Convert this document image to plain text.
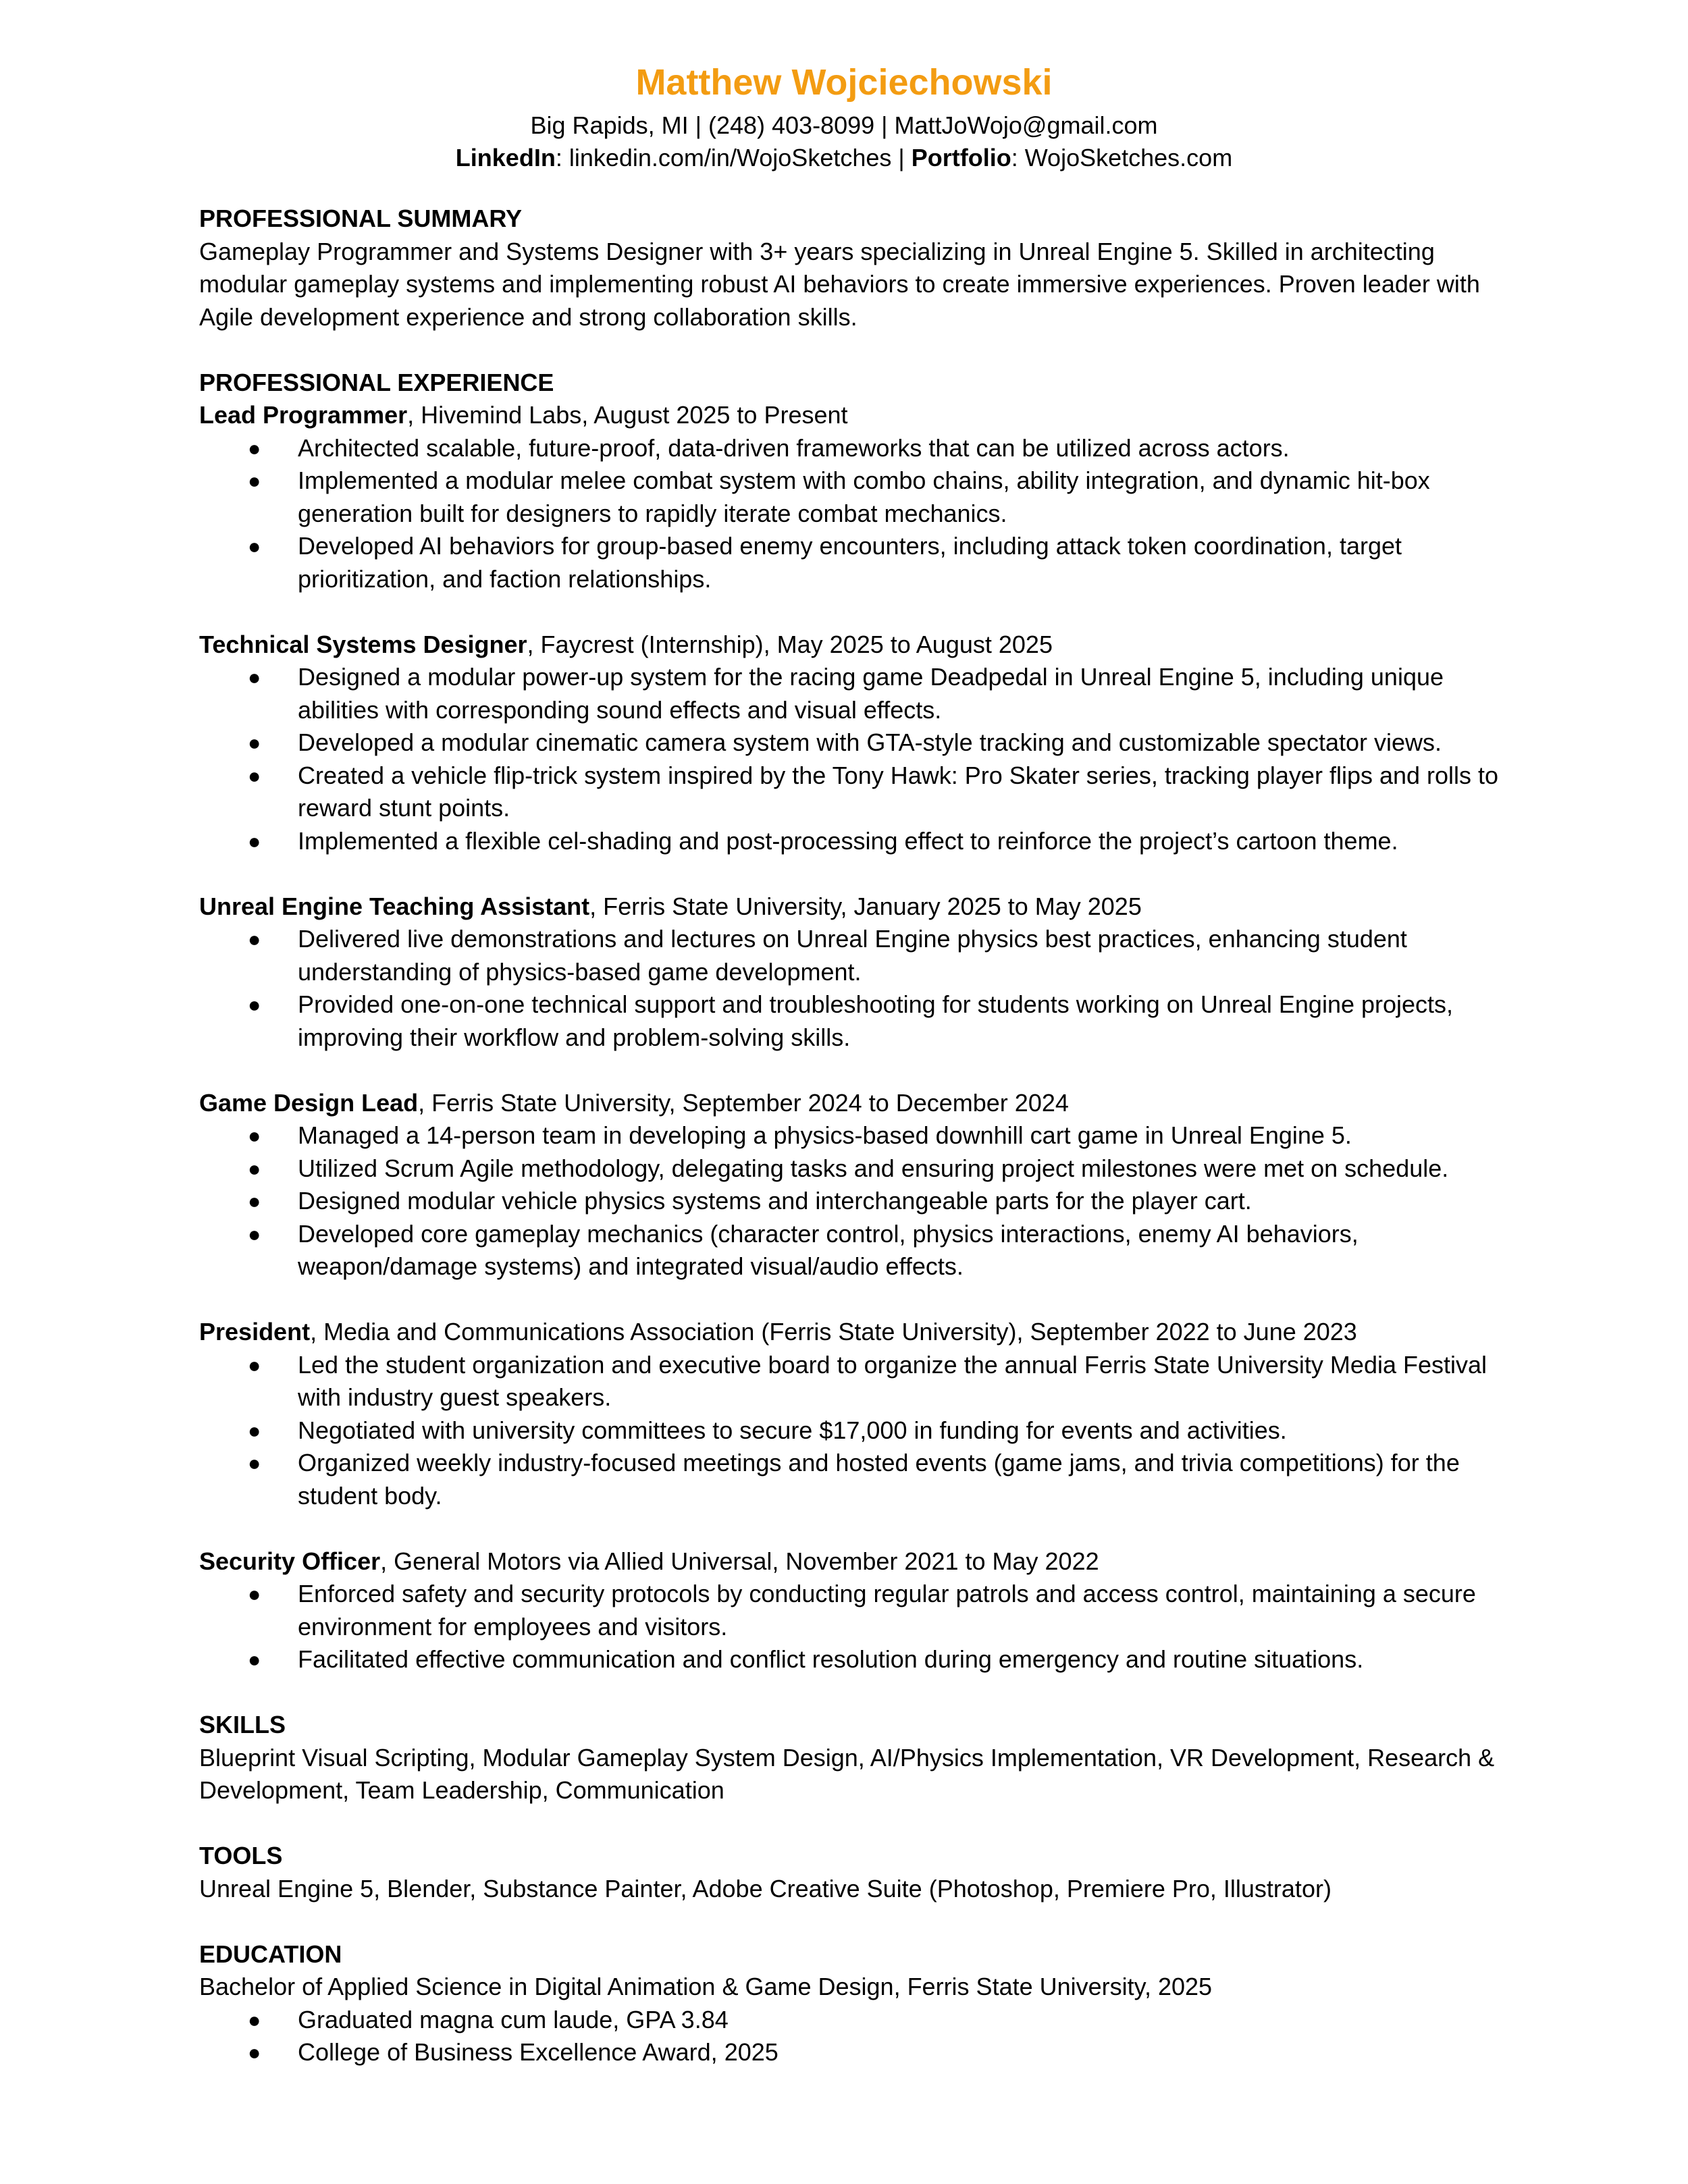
Matthew Wojciechowski

Big Rapids, MI | (248) 403-8099 | MattJoWojo@gmail.com

LinkedIn: linkedin.com/in/WojoSketches | Portfolio: WojoSketches.com

PROFESSIONAL SUMMARY

Gameplay Programmer and Systems Designer with 3+ years specializing in Unreal Engine 5. Skilled in architecting modular gameplay systems and implementing robust AI behaviors to create immersive experiences. Proven leader with Agile development experience and strong collaboration skills.

PROFESSIONAL EXPERIENCE

Lead Programmer, Hivemind Labs, August 2025 to Present

● Architected scalable, future-proof, data-driven frameworks that can be utilized across actors.
● Implemented a modular melee combat system with combo chains, ability integration, and dynamic hit-box generation built for designers to rapidly iterate combat mechanics.
● Developed AI behaviors for group-based enemy encounters, including attack token coordination, target prioritization, and faction relationships.

Technical Systems Designer, Faycrest (Internship), May 2025 to August 2025

● Designed a modular power-up system for the racing game Deadpedal in Unreal Engine 5, including unique abilities with corresponding sound effects and visual effects.
● Developed a modular cinematic camera system with GTA-style tracking and customizable spectator views.
● Created a vehicle flip-trick system inspired by the Tony Hawk: Pro Skater series, tracking player flips and rolls to reward stunt points.
● Implemented a flexible cel-shading and post-processing effect to reinforce the project’s cartoon theme.

Unreal Engine Teaching Assistant, Ferris State University, January 2025 to May 2025

● Delivered live demonstrations and lectures on Unreal Engine physics best practices, enhancing student understanding of physics-based game development.
● Provided one-on-one technical support and troubleshooting for students working on Unreal Engine projects, improving their workflow and problem-solving skills.

Game Design Lead, Ferris State University, September 2024 to December 2024

● Managed a 14-person team in developing a physics-based downhill cart game in Unreal Engine 5.
● Utilized Scrum Agile methodology, delegating tasks and ensuring project milestones were met on schedule.
● Designed modular vehicle physics systems and interchangeable parts for the player cart.
● Developed core gameplay mechanics (character control, physics interactions, enemy AI behaviors, weapon/damage systems) and integrated visual/audio effects.

President, Media and Communications Association (Ferris State University), September 2022 to June 2023

● Led the student organization and executive board to organize the annual Ferris State University Media Festival with industry guest speakers.
● Negotiated with university committees to secure $17,000 in funding for events and activities.
● Organized weekly industry-focused meetings and hosted events (game jams, and trivia competitions) for the student body.

Security Officer, General Motors via Allied Universal, November 2021 to May 2022

● Enforced safety and security protocols by conducting regular patrols and access control, maintaining a secure environment for employees and visitors.
● Facilitated effective communication and conflict resolution during emergency and routine situations.

SKILLS

Blueprint Visual Scripting, Modular Gameplay System Design, AI/Physics Implementation, VR Development, Research & Development, Team Leadership, Communication

TOOLS

Unreal Engine 5, Blender, Substance Painter, Adobe Creative Suite (Photoshop, Premiere Pro, Illustrator)

EDUCATION

Bachelor of Applied Science in Digital Animation & Game Design, Ferris State University, 2025

● Graduated magna cum laude, GPA 3.84
● College of Business Excellence Award, 2025
